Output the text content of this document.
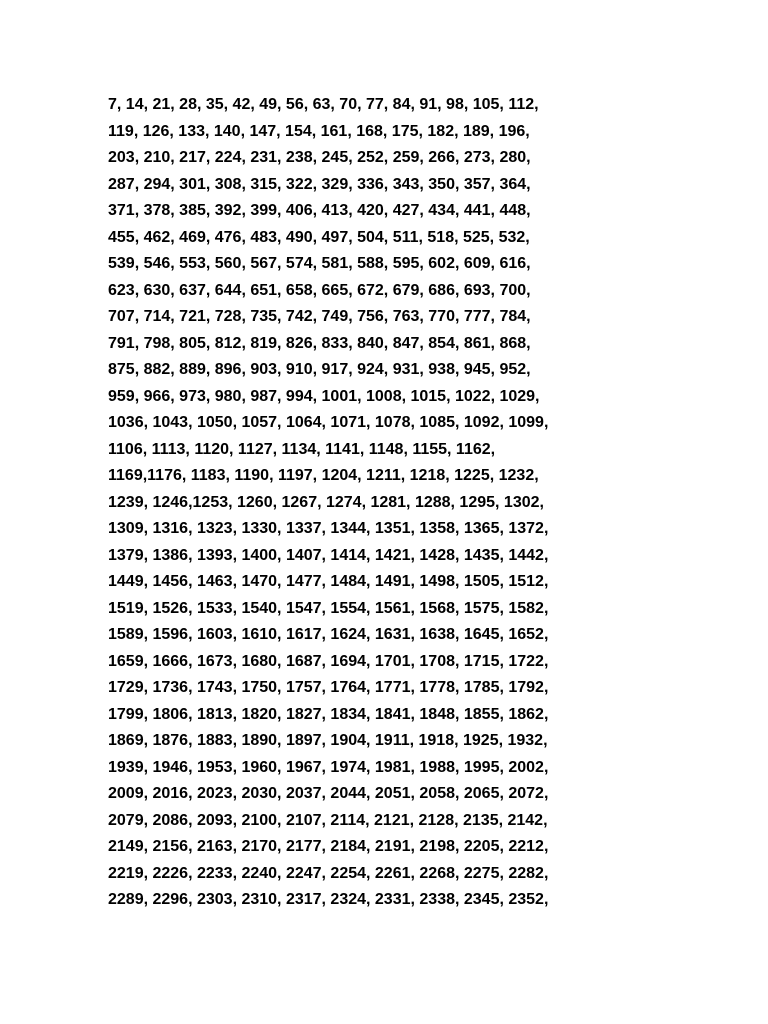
7, 14, 21, 28, 35, 42, 49, 56, 63, 70, 77, 84, 91, 98, 105, 112,
119, 126, 133, 140, 147, 154, 161, 168, 175, 182, 189, 196,
203, 210, 217, 224, 231, 238, 245, 252, 259, 266, 273, 280,
287, 294, 301, 308, 315, 322, 329, 336, 343, 350, 357, 364,
371, 378, 385, 392, 399, 406, 413, 420, 427, 434, 441, 448,
455, 462, 469, 476, 483, 490, 497, 504, 511, 518, 525, 532,
539, 546, 553, 560, 567, 574, 581, 588, 595, 602, 609, 616,
623, 630, 637, 644, 651, 658, 665, 672, 679, 686, 693, 700,
707, 714, 721, 728, 735, 742, 749, 756, 763, 770, 777, 784,
791, 798, 805, 812, 819, 826, 833, 840, 847, 854, 861, 868,
875, 882, 889, 896, 903, 910, 917, 924, 931, 938, 945, 952,
959, 966, 973, 980, 987, 994, 1001, 1008, 1015, 1022, 1029,
1036, 1043, 1050, 1057, 1064, 1071, 1078, 1085, 1092, 1099,
1106, 1113, 1120, 1127, 1134, 1141, 1148, 1155, 1162,
1169,1176, 1183, 1190, 1197, 1204, 1211, 1218, 1225, 1232,
1239, 1246,1253, 1260, 1267, 1274, 1281, 1288, 1295, 1302,
1309, 1316, 1323, 1330, 1337, 1344, 1351, 1358, 1365, 1372,
1379, 1386, 1393, 1400, 1407, 1414, 1421, 1428, 1435, 1442,
1449, 1456, 1463, 1470, 1477, 1484, 1491, 1498, 1505, 1512,
1519, 1526, 1533, 1540, 1547, 1554, 1561, 1568, 1575, 1582,
1589, 1596, 1603, 1610, 1617, 1624, 1631, 1638, 1645, 1652,
1659, 1666, 1673, 1680, 1687, 1694, 1701, 1708, 1715, 1722,
1729, 1736, 1743, 1750, 1757, 1764, 1771, 1778, 1785, 1792,
1799, 1806, 1813, 1820, 1827, 1834, 1841, 1848, 1855, 1862,
1869, 1876, 1883, 1890, 1897, 1904, 1911, 1918, 1925, 1932,
1939, 1946, 1953, 1960, 1967, 1974, 1981, 1988, 1995, 2002,
2009, 2016, 2023, 2030, 2037, 2044, 2051, 2058, 2065, 2072,
2079, 2086, 2093, 2100, 2107, 2114, 2121, 2128, 2135, 2142,
2149, 2156, 2163, 2170, 2177, 2184, 2191, 2198, 2205, 2212,
2219, 2226, 2233, 2240, 2247, 2254, 2261, 2268, 2275, 2282,
2289, 2296, 2303, 2310, 2317, 2324, 2331, 2338, 2345, 2352,
